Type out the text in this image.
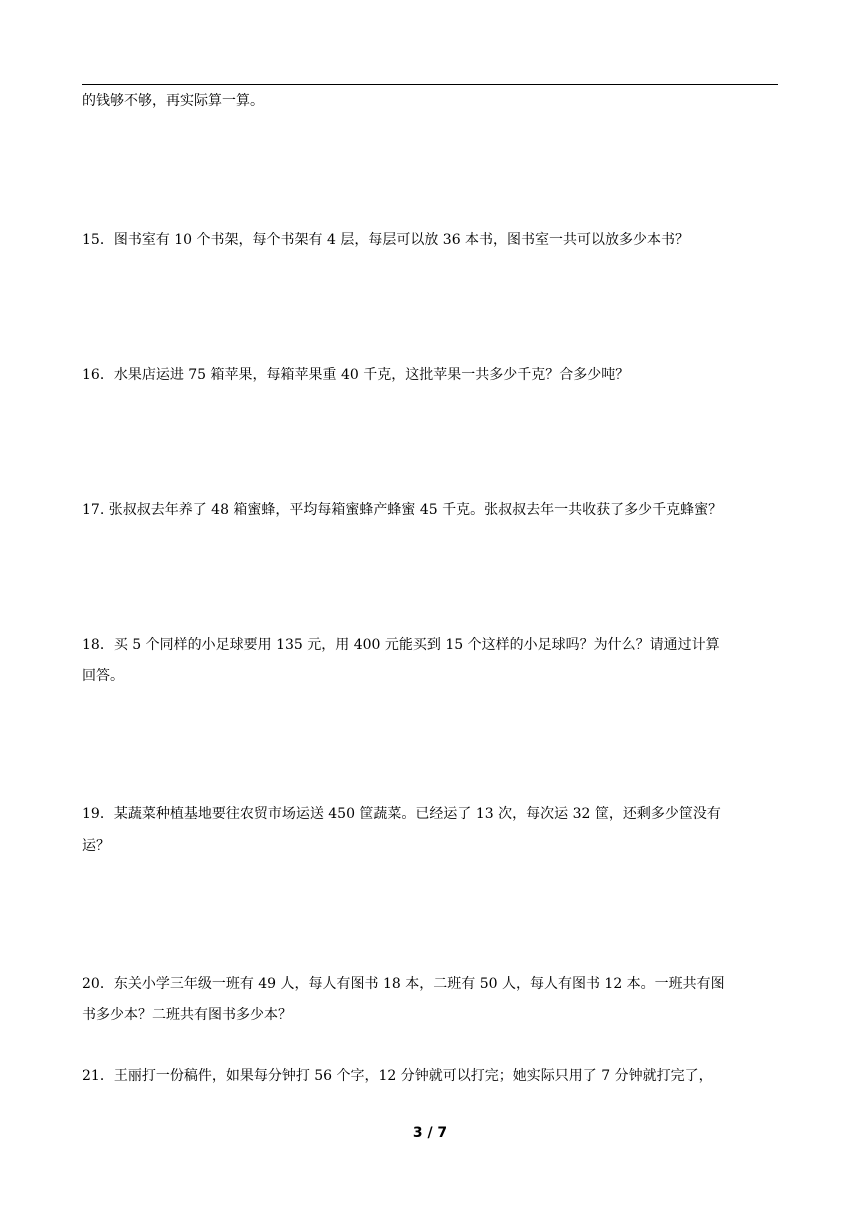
的钱够不够，再实际算一算。
15．图书室有 10 个书架，每个书架有 4 层，每层可以放 36 本书，图书室一共可以放多少本书？
16．水果店运进 75 箱苹果，每箱苹果重 40 千克，这批苹果一共多少千克？合多少吨？
17. 张叔叔去年养了 48 箱蜜蜂，平均每箱蜜蜂产蜂蜜 45 千克。张叔叔去年一共收获了多少千克蜂蜜？
18．买 5 个同样的小足球要用 135 元，用 400 元能买到 15 个这样的小足球吗？为什么？请通过计算
回答。
19．某蔬菜种植基地要往农贸市场运送 450 筐蔬菜。已经运了 13 次，每次运 32 筐，还剩多少筐没有
运？
20．东关小学三年级一班有 49 人，每人有图书 18 本，二班有 50 人，每人有图书 12 本。一班共有图
书多少本？二班共有图书多少本？
21．王丽打一份稿件，如果每分钟打 56 个字，12 分钟就可以打完；她实际只用了 7 分钟就打完了，
3 / 7
